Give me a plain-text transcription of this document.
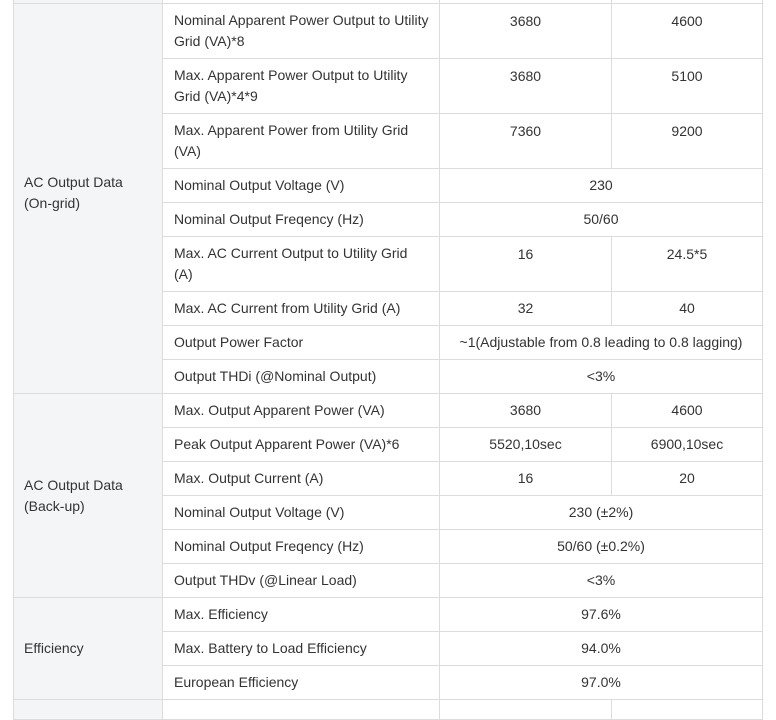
AC Output Data
(On-grid)	Nominal Apparent Power Output to Utility Grid (VA)*8	3680	4600
	Max. Apparent Power Output to Utility Grid (VA)*4*9	3680	5100
	Max. Apparent Power from Utility Grid (VA)	7360	9200
	Nominal Output Voltage (V)	230	
	Nominal Output Freqency (Hz)	50/60	
	Max. AC Current Output to Utility Grid (A)	16	24.5*5
	Max. AC Current from Utility Grid (A)	32	40
	Output Power Factor	~1(Adjustable from 0.8 leading to 0.8 lagging)	
	Output THDi (@Nominal Output)	<3%	
AC Output Data
(Back-up)	Max. Output Apparent Power (VA)	3680	4600
	Peak Output Apparent Power (VA)*6	5520,10sec	6900,10sec
	Max. Output Current (A)	16	20
	Nominal Output Voltage (V)	230 (±2%)	
	Nominal Output Freqency (Hz)	50/60 (±0.2%)	
	Output THDv (@Linear Load)	<3%	
Efficiency	Max. Efficiency	97.6%	
	Max. Battery to Load Efficiency	94.0%	
	European Efficiency	97.0%	
